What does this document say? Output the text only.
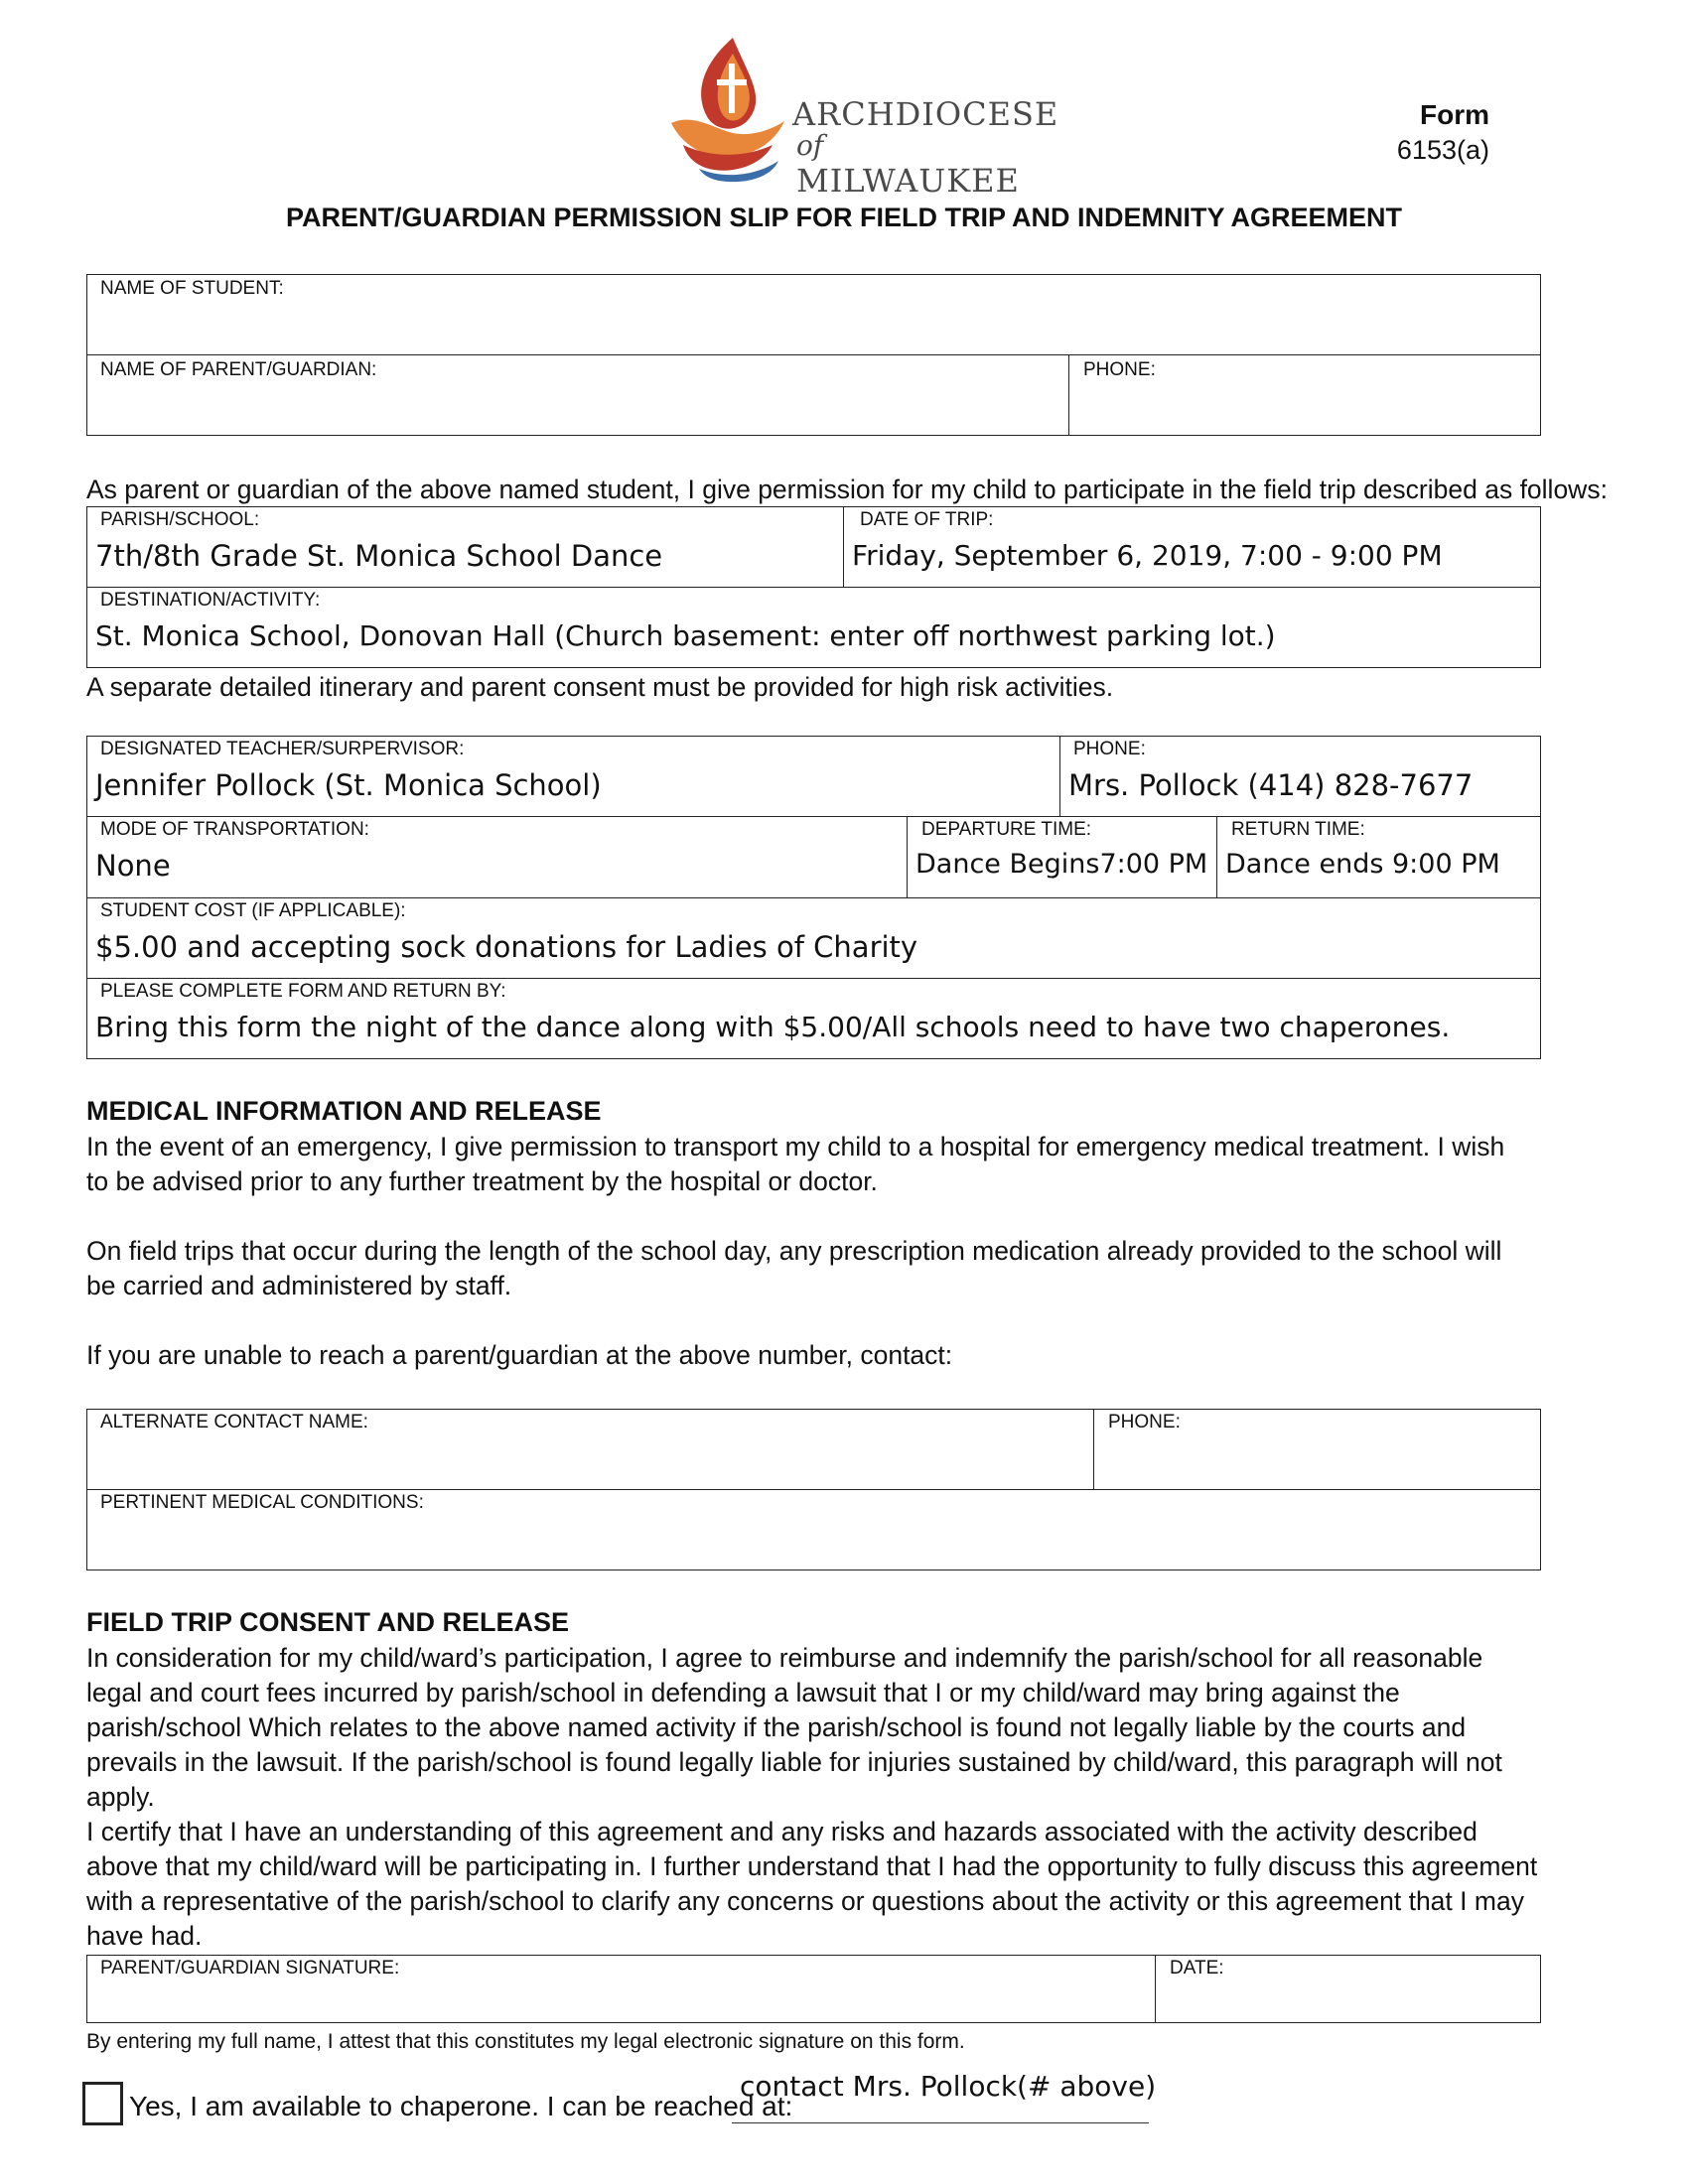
ARCHDIOCESE
of MILWAUKEE
Form
6153(a)
PARENT/GUARDIAN PERMISSION SLIP FOR FIELD TRIP AND INDEMNITY AGREEMENT
NAME OF STUDENT:
NAME OF PARENT/GUARDIAN:	PHONE:
As parent or guardian of the above named student, I give permission for my child to participate in the field trip described as follows:
PARISH/SCHOOL:
7th/8th Grade St. Monica School Dance
DATE OF TRIP:
Friday, September 6, 2019, 7:00 - 9:00 PM
DESTINATION/ACTIVITY:
St. Monica School, Donovan Hall (Church basement: enter off northwest parking lot.)
A separate detailed itinerary and parent consent must be provided for high risk activities.
DESIGNATED TEACHER/SURPERVISOR:
Jennifer Pollock (St. Monica School)
PHONE:
Mrs. Pollock (414) 828-7677
MODE OF TRANSPORTATION:
None
DEPARTURE TIME:
Dance Begins7:00 PM
RETURN TIME:
Dance ends 9:00 PM
STUDENT COST (IF APPLICABLE):
$5.00 and accepting sock donations for Ladies of Charity
PLEASE COMPLETE FORM AND RETURN BY:
Bring this form the night of the dance along with $5.00/All schools need to have two chaperones.
MEDICAL INFORMATION AND RELEASE

In the event of an emergency, I give permission to transport my child to a hospital for emergency medical treatment. I wish to be advised prior to any further treatment by the hospital or doctor.

On field trips that occur during the length of the school day, any prescription medication already provided to the school will be carried and administered by staff.

If you are unable to reach a parent/guardian at the above number, contact:

ALTERNATE CONTACT NAME:	PHONE:
PERTINENT MEDICAL CONDITIONS:
FIELD TRIP CONSENT AND RELEASE

In consideration for my child/ward’s participation, I agree to reimburse and indemnify the parish/school for all reasonable legal and court fees incurred by parish/school in defending a lawsuit that I or my child/ward may bring against the parish/school Which relates to the above named activity if the parish/school is found not legally liable by the courts and prevails in the lawsuit. If the parish/school is found legally liable for injuries sustained by child/ward, this paragraph will not apply.

I certify that I have an understanding of this agreement and any risks and hazards associated with the activity described above that my child/ward will be participating in. I further understand that I had the opportunity to fully discuss this agreement with a representative of the parish/school to clarify any concerns or questions about the activity or this agreement that I may have had.

PARENT/GUARDIAN SIGNATURE:	DATE:
By entering my full name, I attest that this constitutes my legal electronic signature on this form.
Yes, I am available to chaperone. I can be reached at:
contact Mrs. Pollock(# above)
